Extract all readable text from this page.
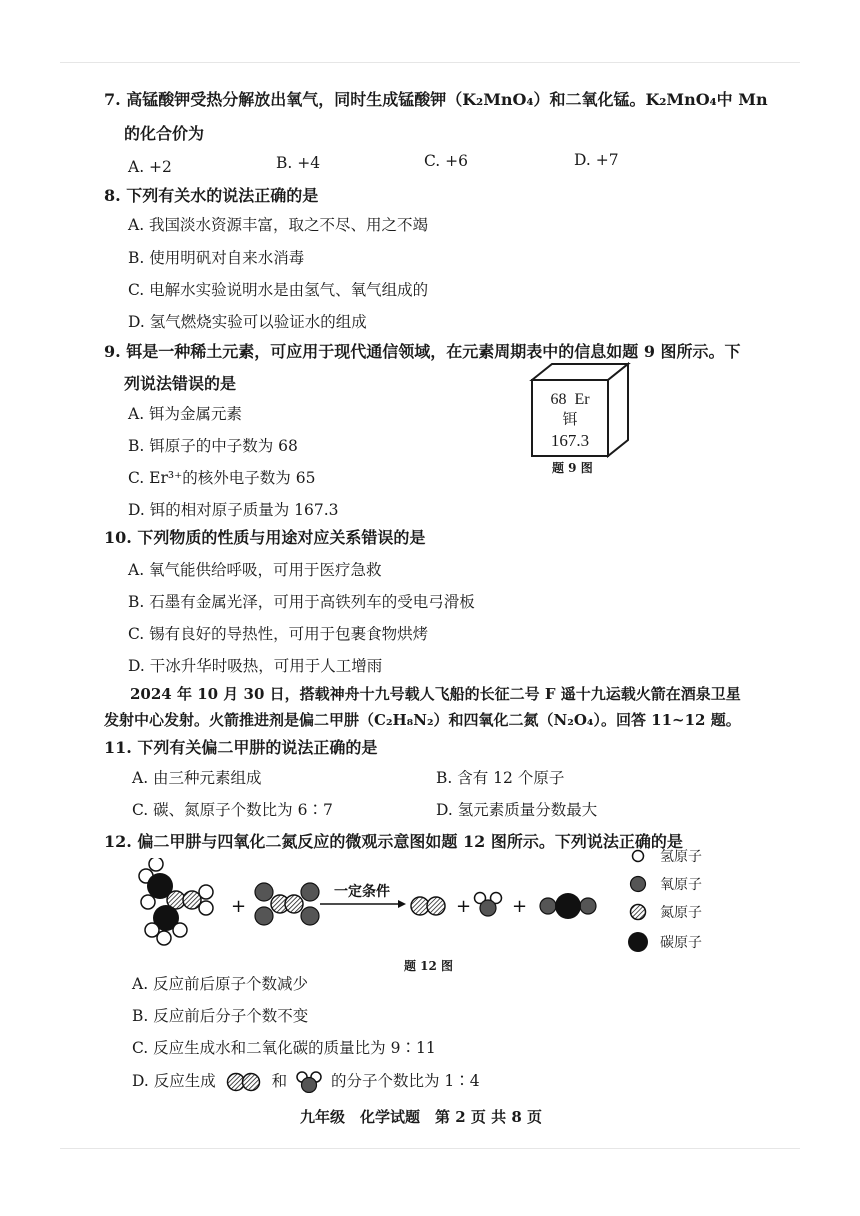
7. 高锰酸钾受热分解放出氧气，同时生成锰酸钾（K₂MnO₄）和二氧化锰。K₂MnO₄中 Mn
的化合价为
A. +2	B. +4	C. +6	D. +7
8. 下列有关水的说法正确的是
A. 我国淡水资源丰富，取之不尽、用之不竭
B. 使用明矾对自来水消毒
C. 电解水实验说明水是由氢气、氧气组成的
D. 氢气燃烧实验可以验证水的组成
9. 铒是一种稀土元素，可应用于现代通信领域，在元素周期表中的信息如题 9 图所示。下
列说法错误的是
A. 铒为金属元素
B. 铒原子的中子数为 68
C. Er³⁺的核外电子数为 65
D. 铒的相对原子质量为 167.3
68  Er
铒
167.3
题 9 图
10. 下列物质的性质与用途对应关系错误的是
A. 氧气能供给呼吸，可用于医疗急救
B. 石墨有金属光泽，可用于高铁列车的受电弓滑板
C. 锡有良好的导热性，可用于包裹食物烘烤
D. 干冰升华时吸热，可用于人工增雨
2024 年 10 月 30 日，搭载神舟十九号载人飞船的长征二号 F 遥十九运载火箭在酒泉卫星
发射中心发射。火箭推进剂是偏二甲肼（C₂H₈N₂）和四氧化二氮（N₂O₄）。回答 11~12 题。
11. 下列有关偏二甲肼的说法正确的是
A. 由三种元素组成	B. 含有 12 个原子
C. 碳、氮原子个数比为 6∶7	D. 氢元素质量分数最大
12. 偏二甲肼与四氧化二氮反应的微观示意图如题 12 图所示。下列说法正确的是
+
一定条件
+ +
氢原子
氧原子
氮原子
碳原子
题 12 图
A. 反应前后原子个数减少
B. 反应前后分子个数不变
C. 反应生成水和二氧化碳的质量比为 9∶11
D. 反应生成	和	的分子个数比为 1∶4
九年级　化学试题　第 2 页 共 8 页
